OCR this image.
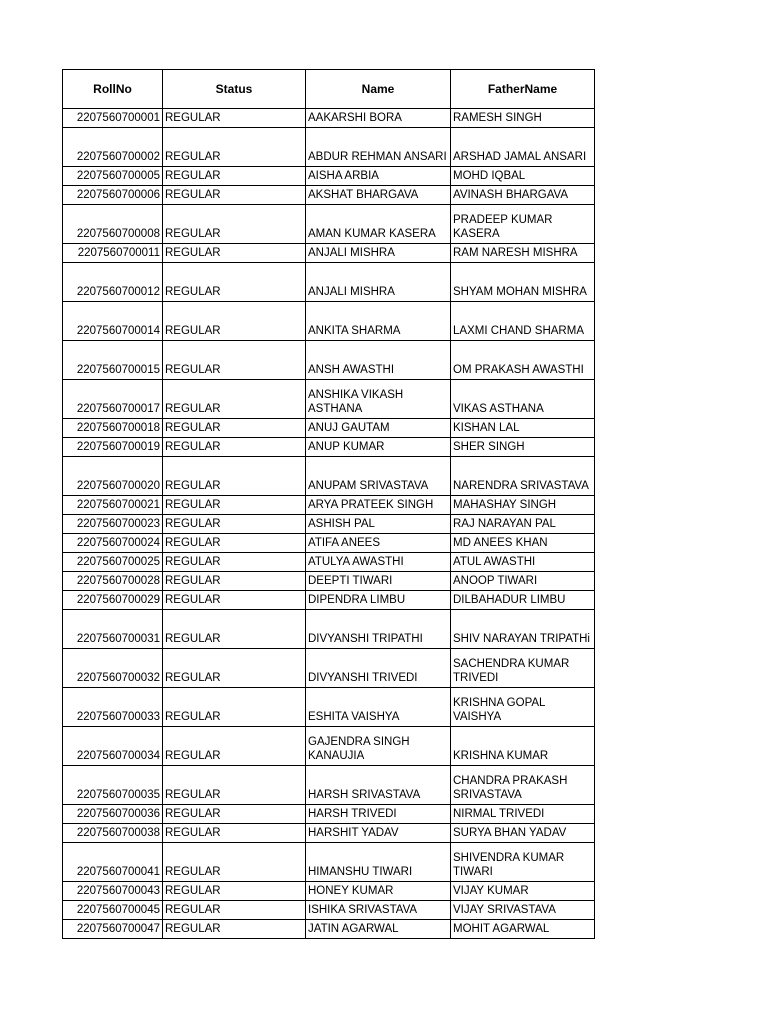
RollNo	Status	Name	FatherName
2207560700001	REGULAR	AAKARSHI BORA	RAMESH SINGH
2207560700002	REGULAR	ABDUR REHMAN ANSARI	ARSHAD JAMAL ANSARI
2207560700005	REGULAR	AISHA ARBIA	MOHD IQBAL
2207560700006	REGULAR	AKSHAT BHARGAVA	AVINASH BHARGAVA
2207560700008	REGULAR	AMAN KUMAR KASERA	PRADEEP KUMAR KASERA
2207560700011	REGULAR	ANJALI MISHRA	RAM NARESH MISHRA
2207560700012	REGULAR	ANJALI MISHRA	SHYAM MOHAN MISHRA
2207560700014	REGULAR	ANKITA SHARMA	LAXMI CHAND SHARMA
2207560700015	REGULAR	ANSH AWASTHI	OM PRAKASH AWASTHI
2207560700017	REGULAR	ANSHIKA VIKASH ASTHANA	VIKAS ASTHANA
2207560700018	REGULAR	ANUJ GAUTAM	KISHAN LAL
2207560700019	REGULAR	ANUP KUMAR	SHER SINGH
2207560700020	REGULAR	ANUPAM SRIVASTAVA	NARENDRA SRIVASTAVA
2207560700021	REGULAR	ARYA PRATEEK SINGH	MAHASHAY SINGH
2207560700023	REGULAR	ASHISH PAL	RAJ NARAYAN PAL
2207560700024	REGULAR	ATIFA ANEES	MD ANEES KHAN
2207560700025	REGULAR	ATULYA AWASTHI	ATUL AWASTHI
2207560700028	REGULAR	DEEPTI TIWARI	ANOOP TIWARI
2207560700029	REGULAR	DIPENDRA LIMBU	DILBAHADUR LIMBU
2207560700031	REGULAR	DIVYANSHI TRIPATHI	SHIV NARAYAN TRIPATHi
2207560700032	REGULAR	DIVYANSHI TRIVEDI	SACHENDRA KUMAR TRIVEDI
2207560700033	REGULAR	ESHITA VAISHYA	KRISHNA GOPAL VAISHYA
2207560700034	REGULAR	GAJENDRA SINGH KANAUJIA	KRISHNA KUMAR
2207560700035	REGULAR	HARSH SRIVASTAVA	CHANDRA PRAKASH SRIVASTAVA
2207560700036	REGULAR	HARSH TRIVEDI	NIRMAL TRIVEDI
2207560700038	REGULAR	HARSHIT YADAV	SURYA BHAN YADAV
2207560700041	REGULAR	HIMANSHU TIWARI	SHIVENDRA KUMAR TIWARI
2207560700043	REGULAR	HONEY KUMAR	VIJAY KUMAR
2207560700045	REGULAR	ISHIKA SRIVASTAVA	VIJAY SRIVASTAVA
2207560700047	REGULAR	JATIN AGARWAL	MOHIT AGARWAL
